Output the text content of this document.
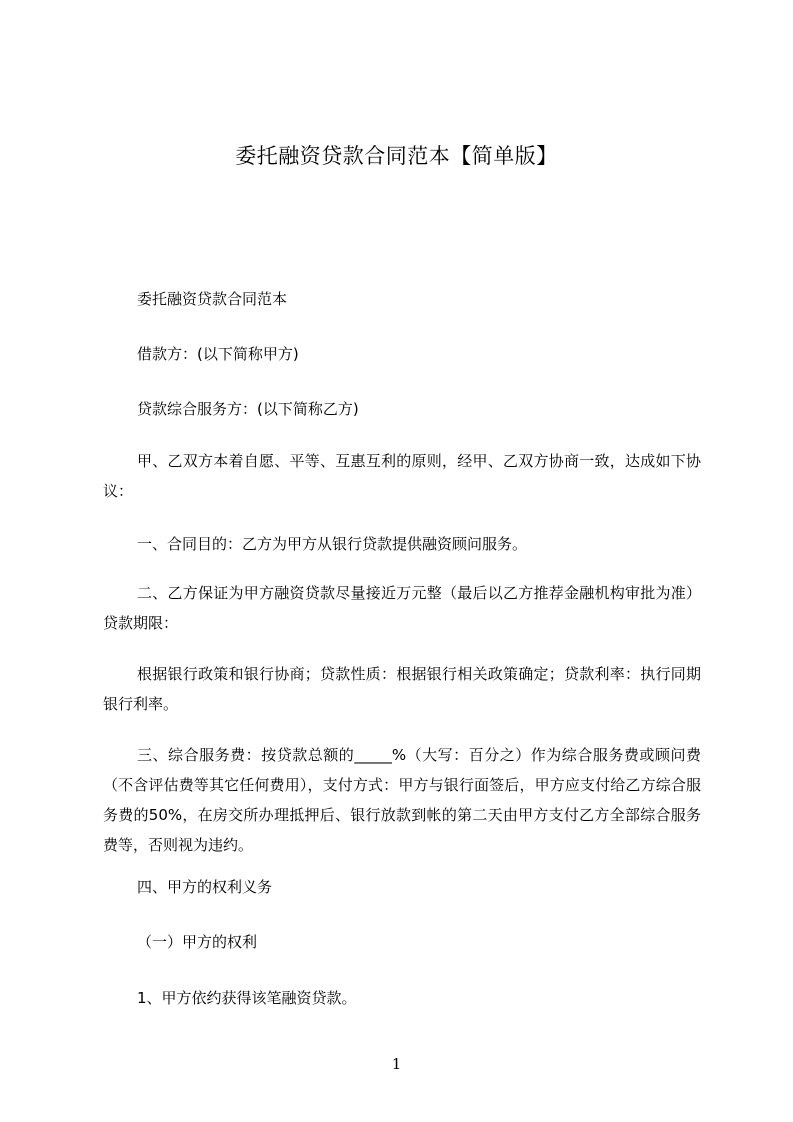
委托融资贷款合同范本【简单版】

委托融资贷款合同范本

借款方：(以下简称甲方)

贷款综合服务方：(以下简称乙方)

甲、乙双方本着自愿、平等、互惠互利的原则，经甲、乙双方协商一致，达成如下协议：

一、合同目的：乙方为甲方从银行贷款提供融资顾问服务。

二、乙方保证为甲方融资贷款尽量接近万元整（最后以乙方推荐金融机构审批为准）贷款期限：

根据银行政策和银行协商；贷款性质：根据银行相关政策确定；贷款利率：执行同期银行利率。

三、综合服务费：按贷款总额的_____%（大写：百分之）作为综合服务费或顾问费（不含评估费等其它任何费用），支付方式：甲方与银行面签后，甲方应支付给乙方综合服务费的50%，在房交所办理抵押后、银行放款到帐的第二天由甲方支付乙方全部综合服务费等，否则视为违约。

四、甲方的权利义务

（一）甲方的权利

1、甲方依约获得该笔融资贷款。

1
